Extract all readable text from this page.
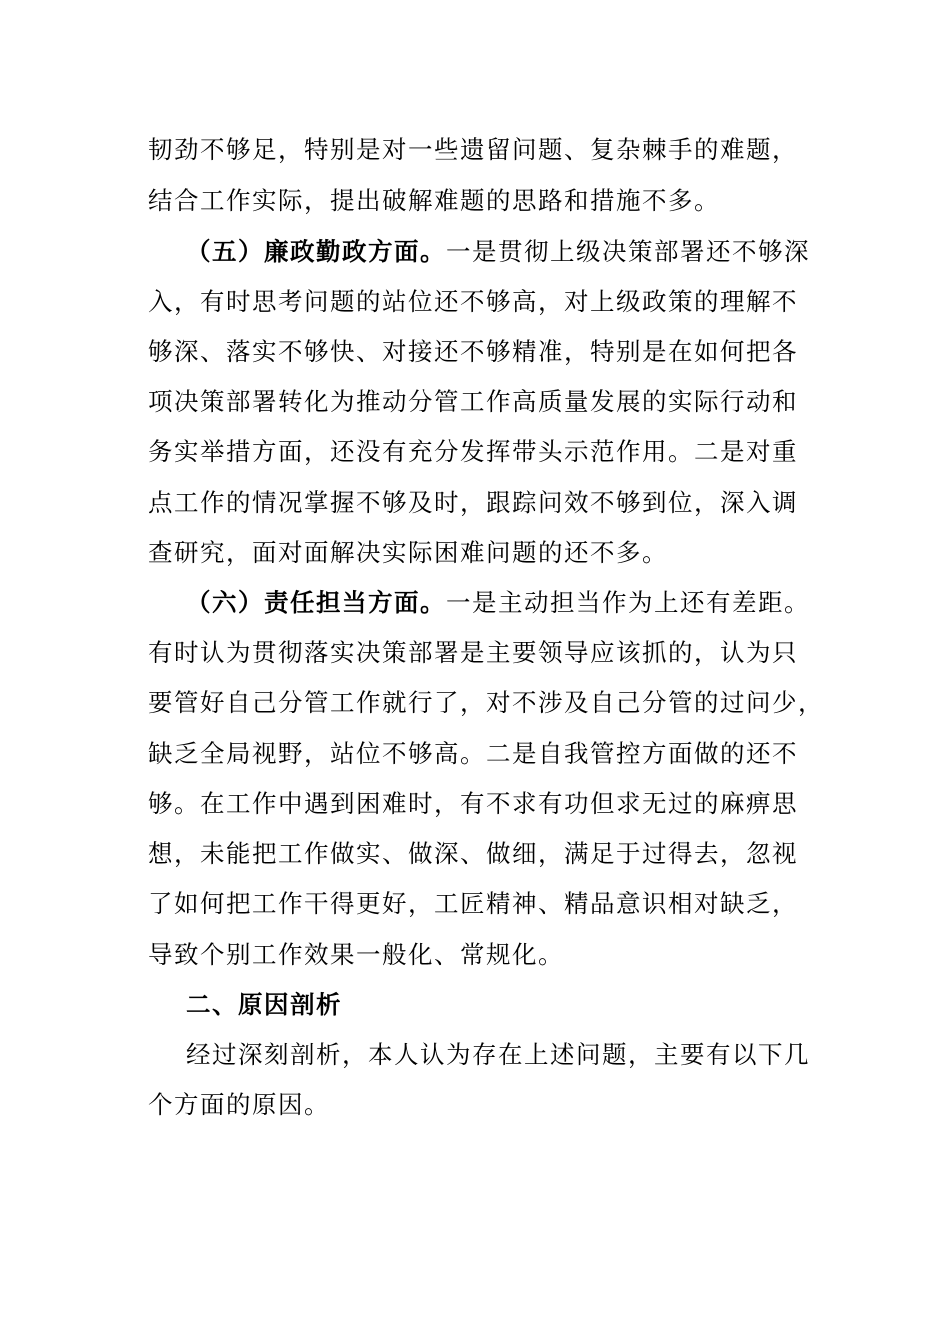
韧劲不够足，特别是对一些遗留问题、复杂棘手的难题，
结合工作实际，提出破解难题的思路和措施不多。
（五）廉政勤政方面。一是贯彻上级决策部署还不够深
入，有时思考问题的站位还不够高，对上级政策的理解不
够深、落实不够快、对接还不够精准，特别是在如何把各
项决策部署转化为推动分管工作高质量发展的实际行动和
务实举措方面，还没有充分发挥带头示范作用。二是对重
点工作的情况掌握不够及时，跟踪问效不够到位，深入调
查研究，面对面解决实际困难问题的还不多。
（六）责任担当方面。一是主动担当作为上还有差距。
有时认为贯彻落实决策部署是主要领导应该抓的，认为只
要管好自己分管工作就行了，对不涉及自己分管的过问少，
缺乏全局视野，站位不够高。二是自我管控方面做的还不
够。在工作中遇到困难时，有不求有功但求无过的麻痹思
想，未能把工作做实、做深、做细，满足于过得去，忽视
了如何把工作干得更好，工匠精神、精品意识相对缺乏，
导致个别工作效果一般化、常规化。
二、原因剖析
经过深刻剖析，本人认为存在上述问题，主要有以下几
个方面的原因。
